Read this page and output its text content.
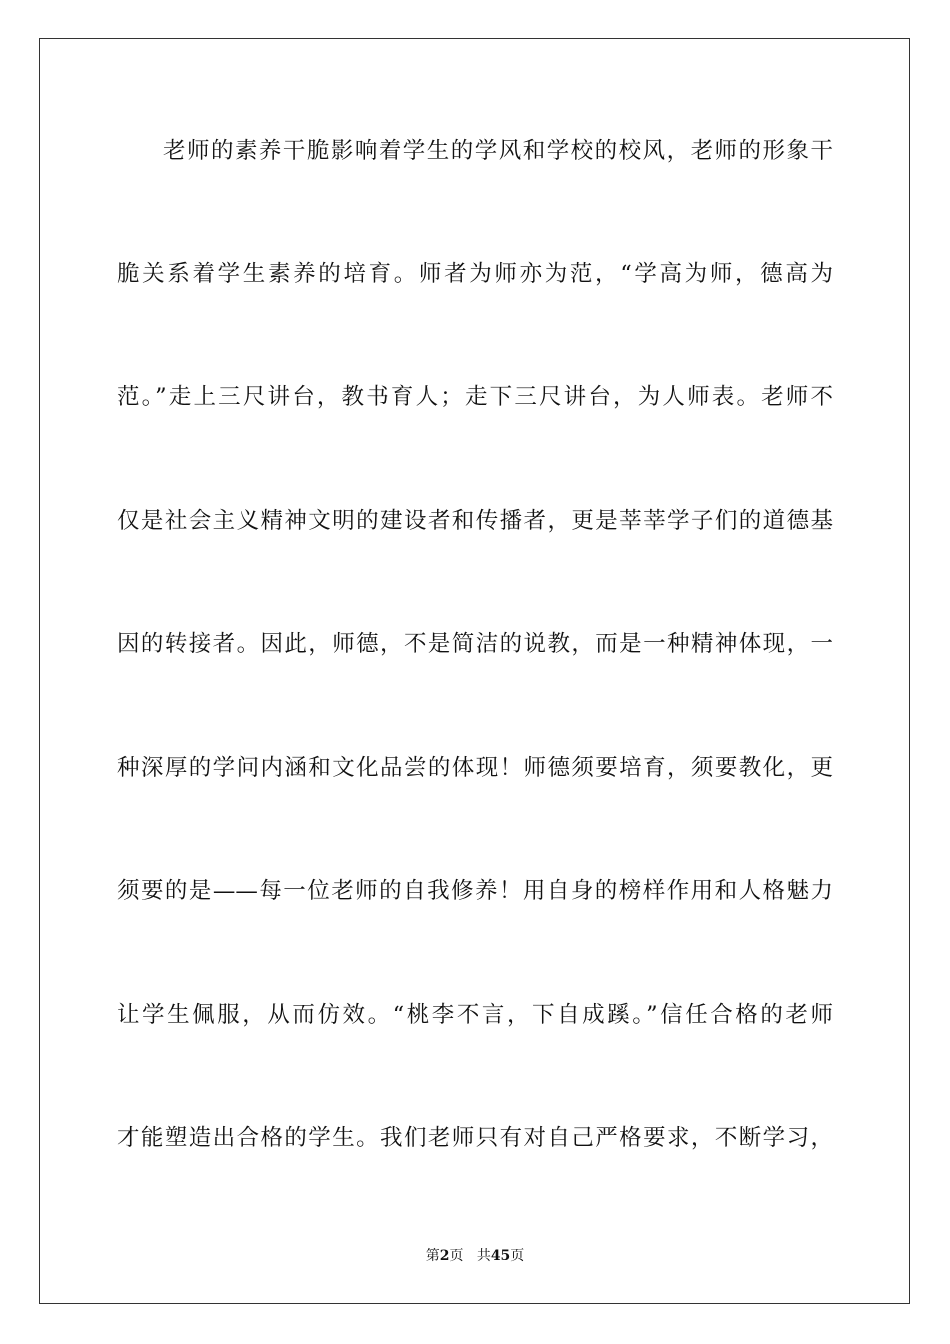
老师的素养干脆影响着学生的学风和学校的校风，老师的形象干
脆关系着学生素养的培育。师者为师亦为范，“学高为师，德高为
范。”走上三尺讲台，教书育人；走下三尺讲台，为人师表。老师不
仅是社会主义精神文明的建设者和传播者，更是莘莘学子们的道德基
因的转接者。因此，师德，不是简洁的说教，而是一种精神体现，一
种深厚的学问内涵和文化品尝的体现！师德须要培育，须要教化，更
须要的是——每一位老师的自我修养！用自身的榜样作用和人格魅力
让学生佩服，从而仿效。“桃李不言，下自成蹊。”信任合格的老师
才能塑造出合格的学生。我们老师只有对自己严格要求，不断学习，
第2页 共45页
